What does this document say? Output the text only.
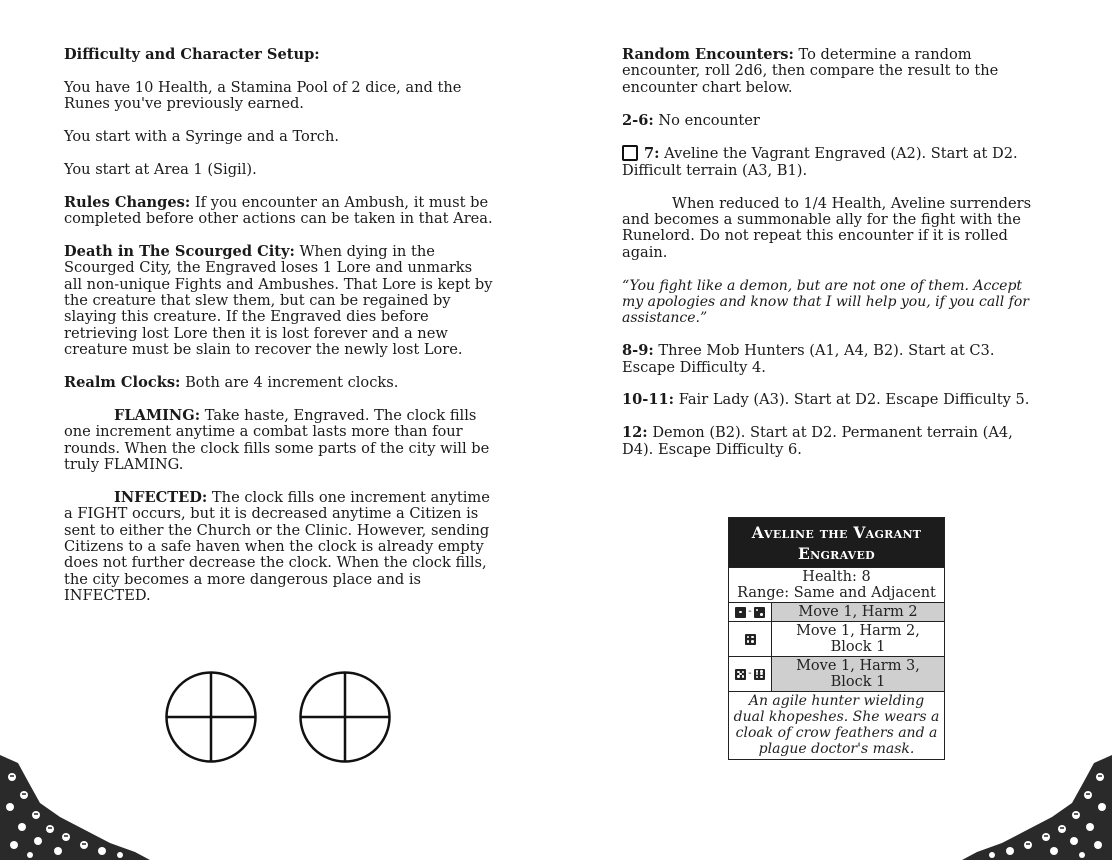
Difficulty and Character Setup:

You have 10 Health, a Stamina Pool of 2 dice, and the Runes you've previously earned.

You start with a Syringe and a Torch.

You start at Area 1 (Sigil).

Rules Changes: If you encounter an Ambush, it must be completed before other actions can be taken in that Area.

Death in The Scourged City: When dying in the Scourged City, the Engraved loses 1 Lore and unmarks all non-unique Fights and Ambushes. That Lore is kept by the creature that slew them, but can be regained by slaying this creature. If the Engraved dies before retrieving lost Lore then it is lost forever and a new creature must be slain to recover the newly lost Lore.

Realm Clocks: Both are 4 increment clocks.

FLAMING: Take haste, Engraved. The clock fills one increment anytime a combat lasts more than four rounds. When the clock fills some parts of the city will be truly FLAMING.

INFECTED: The clock fills one increment anytime a FIGHT occurs, but it is decreased anytime a Citizen is sent to either the Church or the Clinic. However, sending Citizens to a safe haven when the clock is already empty does not further decrease the clock. When the clock fills, the city becomes a more dangerous place and is INFECTED.

Random Encounters: To determine a random encounter, roll 2d6, then compare the result to the encounter chart below.

2-6: No encounter

7: Aveline the Vagrant Engraved (A2). Start at D2. Difficult terrain (A3, B1).

When reduced to 1/4 Health, Aveline surrenders and becomes a summonable ally for the fight with the Runelord. Do not repeat this encounter if it is rolled again.

“You fight like a demon, but are not one of them. Accept my apologies and know that I will help you, if you call for assistance.”

8-9: Three Mob Hunters (A1, A4, B2). Start at C3. Escape Difficulty 4.

10-11: Fair Lady (A3). Start at D2. Escape Difficulty 5.

12: Demon (B2). Start at D2. Permanent terrain (A4, D4). Escape Difficulty 6.

Aveline the Vagrant Engraved
Health: 8
Range: Same and Adjacent
-	Move 1, Harm 2
Move 1, Harm 2, Block 1
-	Move 1, Harm 3, Block 1
An agile hunter wielding dual khopeshes. She wears a cloak of crow feathers and a plague doctor's mask.
